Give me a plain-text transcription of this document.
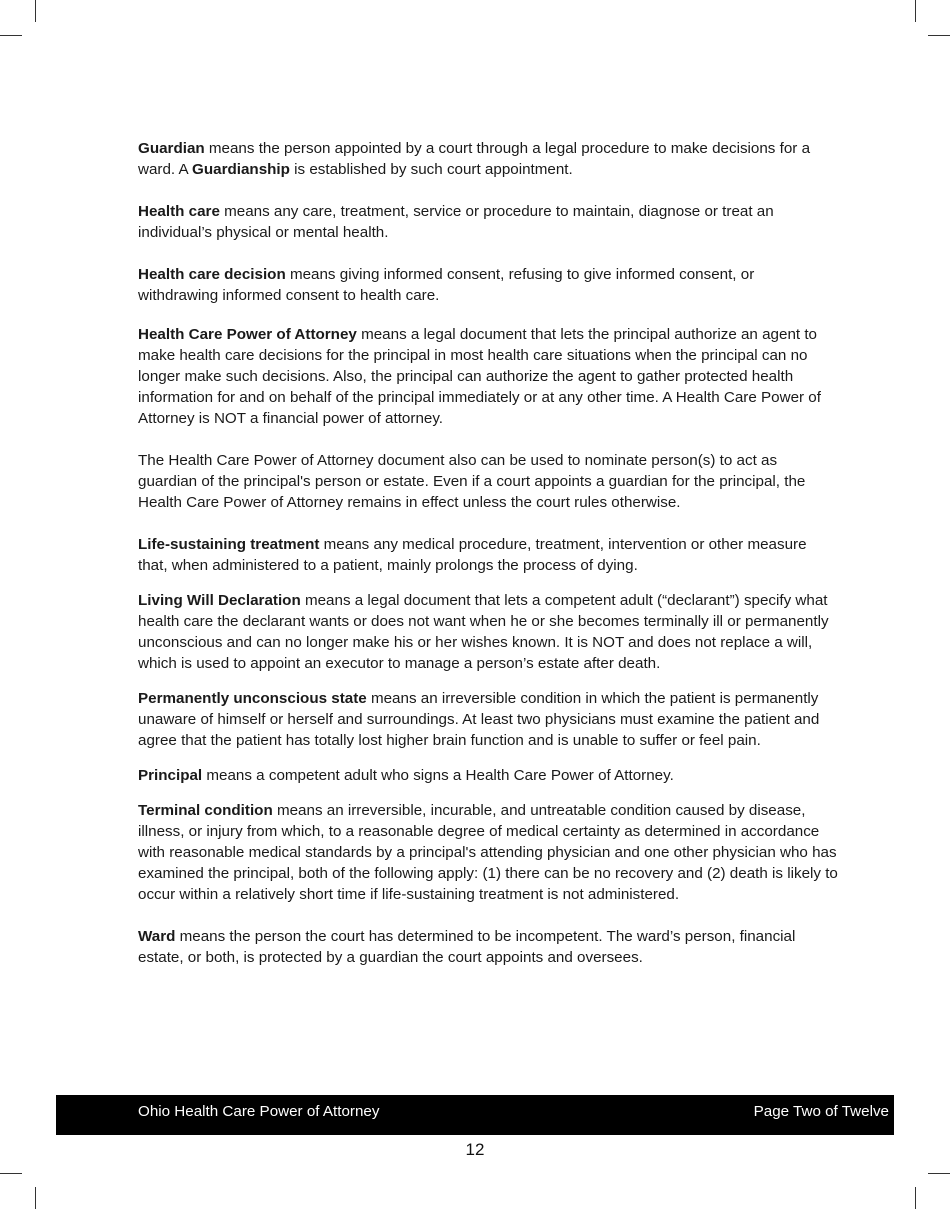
Guardian means the person appointed by a court through a legal procedure to make decisions for a ward. A Guardianship is established by such court appointment.

Health care means any care, treatment, service or procedure to maintain, diagnose or treat an individual’s physical or mental health.

Health care decision means giving informed consent, refusing to give informed consent, or withdrawing informed consent to health care.

Health Care Power of Attorney means a legal document that lets the principal authorize an agent to make health care decisions for the principal in most health care situations when the principal can no longer make such decisions. Also, the principal can authorize the agent to gather protected health information for and on behalf of the principal immediately or at any other time. A Health Care Power of Attorney is NOT a financial power of attorney.

The Health Care Power of Attorney document also can be used to nominate person(s) to act as guardian of the principal's person or estate. Even if a court appoints a guardian for the principal, the Health Care Power of Attorney remains in effect unless the court rules otherwise.

Life-sustaining treatment means any medical procedure, treatment, intervention or other measure that, when administered to a patient, mainly prolongs the process of dying.

Living Will Declaration means a legal document that lets a competent adult (“declarant”) specify what health care the declarant wants or does not want when he or she becomes terminally ill or permanently unconscious and can no longer make his or her wishes known. It is NOT and does not replace a will, which is used to appoint an executor to manage a person’s estate after death.

Permanently unconscious state means an irreversible condition in which the patient is permanently unaware of himself or herself and surroundings. At least two physicians must examine the patient and agree that the patient has totally lost higher brain function and is unable to suffer or feel pain.

Principal means a competent adult who signs a Health Care Power of Attorney.

Terminal condition means an irreversible, incurable, and untreatable condition caused by disease, illness, or injury from which, to a reasonable degree of medical certainty as determined in accordance with reasonable medical standards by a principal's attending physician and one other physician who has examined the principal, both of the following apply: (1) there can be no recovery and (2) death is likely to occur within a relatively short time if life-sustaining treatment is not administered.

Ward means the person the court has determined to be incompetent. The ward’s person, financial estate, or both, is protected by a guardian the court appoints and oversees.

Ohio Health Care Power of Attorney	Page Two of Twelve
12
